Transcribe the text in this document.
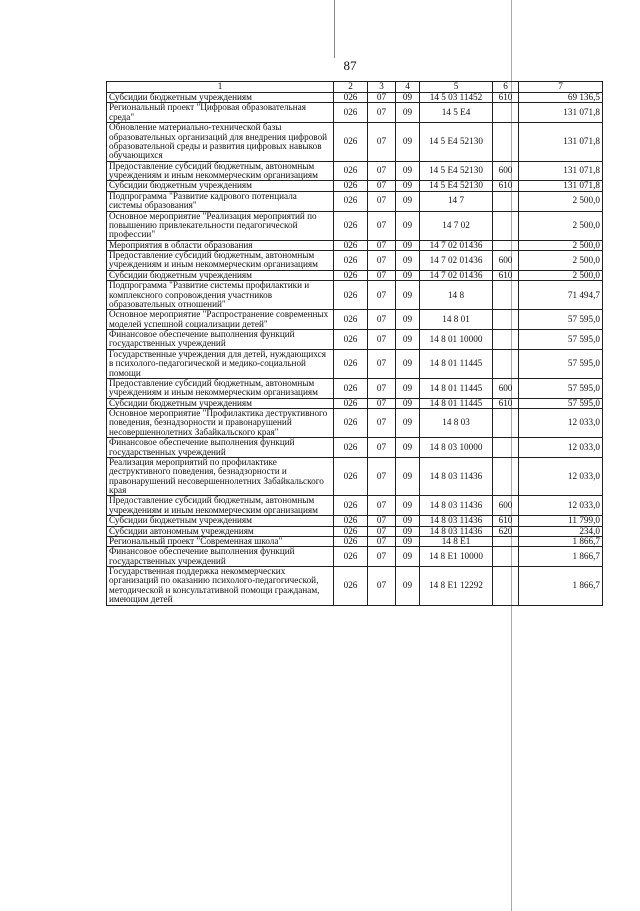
87
1	2	3	4	5	6	7
Субсидии бюджетным учреждениям	026	07	09	14 5 03 11452	610	69 136,5
Региональный проект "Цифровая образовательная среда"	026	07	09	14 5 E4		131 071,8
Обновление материально-технической базы образовательных организаций для внедрения цифровой образовательной среды и развития цифровых навыков обучающихся	026	07	09	14 5 E4 52130		131 071,8
Предоставление субсидий бюджетным, автономным учреждениям и иным некоммерческим организациям	026	07	09	14 5 E4 52130	600	131 071,8
Субсидии бюджетным учреждениям	026	07	09	14 5 E4 52130	610	131 071,8
Подпрограмма "Развитие кадрового потенциала системы образования"	026	07	09	14 7		2 500,0
Основное мероприятие "Реализация мероприятий по повышению привлекательности педагогической профессии"	026	07	09	14 7 02		2 500,0
Мероприятия в области образования	026	07	09	14 7 02 01436		2 500,0
Предоставление субсидий бюджетным, автономным учреждениям и иным некоммерческим организациям	026	07	09	14 7 02 01436	600	2 500,0
Субсидии бюджетным учреждениям	026	07	09	14 7 02 01436	610	2 500,0
Подпрограмма "Развитие системы профилактики и комплексного сопровождения участников образовательных отношений"	026	07	09	14 8		71 494,7
Основное мероприятие "Распространение современных моделей успешной социализации детей"	026	07	09	14 8 01		57 595,0
Финансовое обеспечение выполнения функций государственных учреждений	026	07	09	14 8 01 10000		57 595,0
Государственные учреждения для детей, нуждающихся в психолого-педагогической и медико-социальной помощи	026	07	09	14 8 01 11445		57 595,0
Предоставление субсидий бюджетным, автономным учреждениям и иным некоммерческим организациям	026	07	09	14 8 01 11445	600	57 595,0
Субсидии бюджетным учреждениям	026	07	09	14 8 01 11445	610	57 595,0
Основное мероприятие "Профилактика деструктивного поведения, безнадзорности и правонарушений несовершеннолетних Забайкальского края"	026	07	09	14 8 03		12 033,0
Финансовое обеспечение выполнения функций государственных учреждений	026	07	09	14 8 03 10000		12 033,0
Реализация мероприятий по профилактике деструктивного поведения, безнадзорности и правонарушений несовершеннолетних Забайкальского края	026	07	09	14 8 03 11436		12 033,0
Предоставление субсидий бюджетным, автономным учреждениям и иным некоммерческим организациям	026	07	09	14 8 03 11436	600	12 033,0
Субсидии бюджетным учреждениям	026	07	09	14 8 03 11436	610	11 799,0
Субсидии автономным учреждениям	026	07	09	14 8 03 11436	620	234,0
Региональный проект "Современная школа"	026	07	09	14 8 E1		1 866,7
Финансовое обеспечение выполнения функций государственных учреждений	026	07	09	14 8 E1 10000		1 866,7
Государственная поддержка некоммерческих организаций по оказанию психолого-педагогической, методической и консультативной помощи гражданам, имеющим детей	026	07	09	14 8 E1 12292		1 866,7
